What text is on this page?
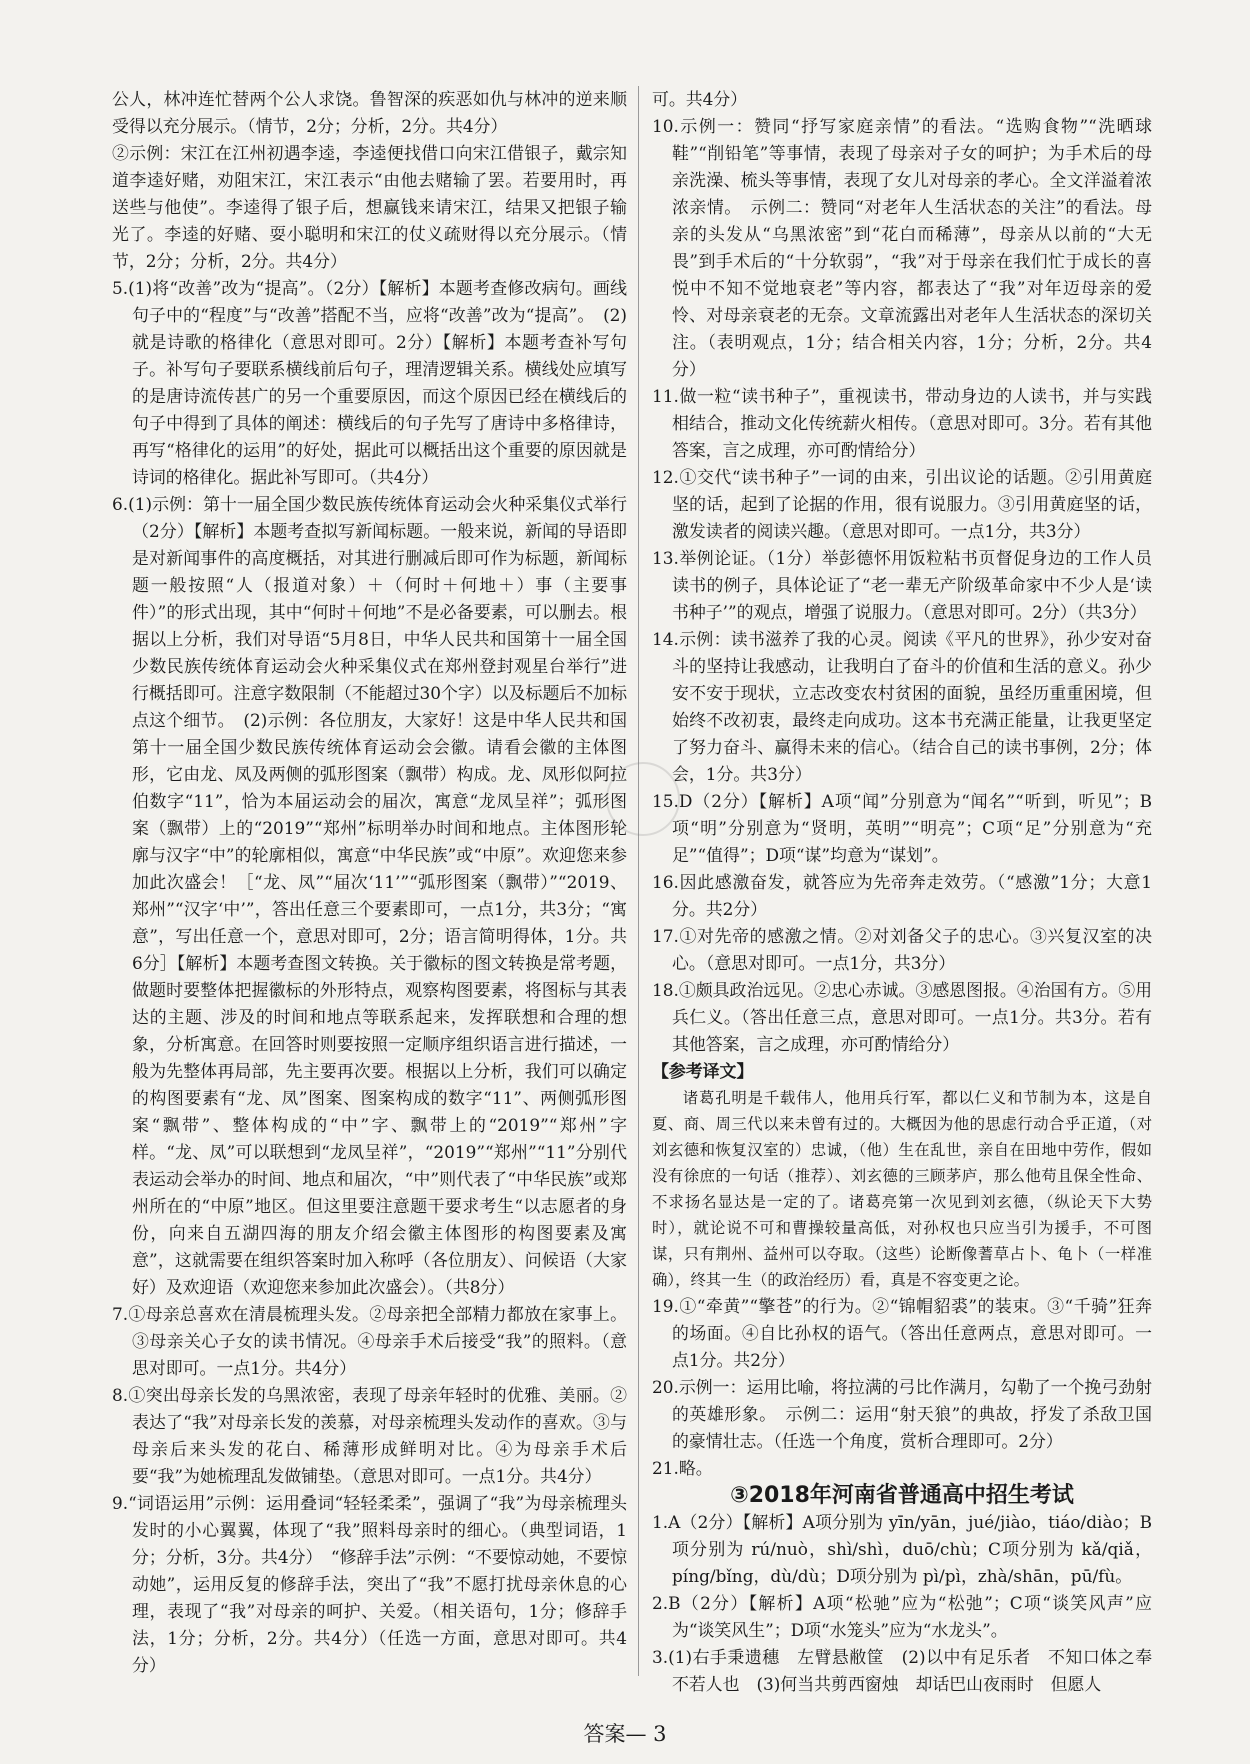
公人，林冲连忙替两个公人求饶。鲁智深的疾恶如仇与林冲的逆来顺受得以充分展示。（情节，2分；分析，2分。共4分）

②示例：宋江在江州初遇李逵，李逵便找借口向宋江借银子，戴宗知道李逵好赌，劝阻宋江，宋江表示“由他去赌输了罢。若要用时，再送些与他使”。李逵得了银子后，想赢钱来请宋江，结果又把银子输光了。李逵的好赌、耍小聪明和宋江的仗义疏财得以充分展示。（情节，2分；分析，2分。共4分）

5.(1)将“改善”改为“提高”。（2分）【解析】本题考查修改病句。画线句子中的“程度”与“改善”搭配不当，应将“改善”改为“提高”。　(2)就是诗歌的格律化（意思对即可。2分）【解析】本题考查补写句子。补写句子要联系横线前后句子，理清逻辑关系。横线处应填写的是唐诗流传甚广的另一个重要原因，而这个原因已经在横线后的句子中得到了具体的阐述：横线后的句子先写了唐诗中多格律诗，再写“格律化的运用”的好处，据此可以概括出这个重要的原因就是诗词的格律化。据此补写即可。（共4分）

6.(1)示例：第十一届全国少数民族传统体育运动会火种采集仪式举行（2分）【解析】本题考查拟写新闻标题。一般来说，新闻的导语即是对新闻事件的高度概括，对其进行删减后即可作为标题，新闻标题一般按照“人（报道对象）＋（何时＋何地＋）事（主要事件）”的形式出现，其中“何时＋何地”不是必备要素，可以删去。根据以上分析，我们对导语“5月8日，中华人民共和国第十一届全国少数民族传统体育运动会火种采集仪式在郑州登封观星台举行”进行概括即可。注意字数限制（不能超过30个字）以及标题后不加标点这个细节。　(2)示例：各位朋友，大家好！这是中华人民共和国第十一届全国少数民族传统体育运动会会徽。请看会徽的主体图形，它由龙、凤及两侧的弧形图案（飘带）构成。龙、凤形似阿拉伯数字“11”，恰为本届运动会的届次，寓意“龙凤呈祥”；弧形图案（飘带）上的“2019”“郑州”标明举办时间和地点。主体图形轮廓与汉字“中”的轮廓相似，寓意“中华民族”或“中原”。欢迎您来参加此次盛会！［“龙、凤”“届次‘11’”“弧形图案（飘带）”“2019、郑州”“汉字‘中’”，答出任意三个要素即可，一点1分，共3分；“寓意”，写出任意一个，意思对即可，2分；语言简明得体，1分。共6分］【解析】本题考查图文转换。关于徽标的图文转换是常考题，做题时要整体把握徽标的外形特点，观察构图要素，将图标与其表达的主题、涉及的时间和地点等联系起来，发挥联想和合理的想象，分析寓意。在回答时则要按照一定顺序组织语言进行描述，一般为先整体再局部，先主要再次要。根据以上分析，我们可以确定的构图要素有“龙、凤”图案、图案构成的数字“11”、两侧弧形图案“飘带”、整体构成的“中”字、飘带上的“2019”“郑州”字样。“龙、凤”可以联想到“龙凤呈祥”，“2019”“郑州”“11”分别代表运动会举办的时间、地点和届次，“中”则代表了“中华民族”或郑州所在的“中原”地区。但这里要注意题干要求考生“以志愿者的身份，向来自五湖四海的朋友介绍会徽主体图形的构图要素及寓意”，这就需要在组织答案时加入称呼（各位朋友）、问候语（大家好）及欢迎语（欢迎您来参加此次盛会）。（共8分）

7.①母亲总喜欢在清晨梳理头发。②母亲把全部精力都放在家事上。③母亲关心子女的读书情况。④母亲手术后接受“我”的照料。（意思对即可。一点1分。共4分）

8.①突出母亲长发的乌黑浓密，表现了母亲年轻时的优雅、美丽。②表达了“我”对母亲长发的羡慕，对母亲梳理头发动作的喜欢。③与母亲后来头发的花白、稀薄形成鲜明对比。④为母亲手术后要“我”为她梳理乱发做铺垫。（意思对即可。一点1分。共4分）

9.“词语运用”示例：运用叠词“轻轻柔柔”，强调了“我”为母亲梳理头发时的小心翼翼，体现了“我”照料母亲时的细心。（典型词语，1分；分析，3分。共4分）　“修辞手法”示例：“不要惊动她，不要惊动她”，运用反复的修辞手法，突出了“我”不愿打扰母亲休息的心理，表现了“我”对母亲的呵护、关爱。（相关语句，1分；修辞手法，1分；分析，2分。共4分）（任选一方面，意思对即可。共4分）

可。共4分）

10.示例一：赞同“抒写家庭亲情”的看法。“选购食物”“洗晒球鞋”“削铅笔”等事情，表现了母亲对子女的呵护；为手术后的母亲洗澡、梳头等事情，表现了女儿对母亲的孝心。全文洋溢着浓浓亲情。　示例二：赞同“对老年人生活状态的关注”的看法。母亲的头发从“乌黑浓密”到“花白而稀薄”，母亲从以前的“大无畏”到手术后的“十分软弱”，“我”对于母亲在我们忙于成长的喜悦中不知不觉地衰老”等内容，都表达了“我”对年迈母亲的爱怜、对母亲衰老的无奈。文章流露出对老年人生活状态的深切关注。（表明观点，1分；结合相关内容，1分；分析，2分。共4分）

11.做一粒“读书种子”，重视读书，带动身边的人读书，并与实践相结合，推动文化传统薪火相传。（意思对即可。3分。若有其他答案，言之成理，亦可酌情给分）

12.①交代“读书种子”一词的由来，引出议论的话题。②引用黄庭坚的话，起到了论据的作用，很有说服力。③引用黄庭坚的话，激发读者的阅读兴趣。（意思对即可。一点1分，共3分）

13.举例论证。（1分）举彭德怀用饭粒粘书页督促身边的工作人员读书的例子，具体论证了“老一辈无产阶级革命家中不少人是‘读书种子’”的观点，增强了说服力。（意思对即可。2分）（共3分）

14.示例：读书滋养了我的心灵。阅读《平凡的世界》，孙少安对奋斗的坚持让我感动，让我明白了奋斗的价值和生活的意义。孙少安不安于现状，立志改变农村贫困的面貌，虽经历重重困境，但始终不改初衷，最终走向成功。这本书充满正能量，让我更坚定了努力奋斗、赢得未来的信心。（结合自己的读书事例，2分；体会，1分。共3分）

15.D（2分）【解析】A项“闻”分别意为“闻名”“听到，听见”；B项“明”分别意为“贤明，英明”“明亮”；C项“足”分别意为“充足”“值得”；D项“谋”均意为“谋划”。

16.因此感激奋发，就答应为先帝奔走效劳。（“感激”1分；大意1分。共2分）

17.①对先帝的感激之情。②对刘备父子的忠心。③兴复汉室的决心。（意思对即可。一点1分，共3分）

18.①颇具政治远见。②忠心赤诚。③感恩图报。④治国有方。⑤用兵仁义。（答出任意三点，意思对即可。一点1分。共3分。若有其他答案，言之成理，亦可酌情给分）

【参考译文】

诸葛孔明是千载伟人，他用兵行军，都以仁义和节制为本，这是自夏、商、周三代以来未曾有过的。大概因为他的思虑行动合乎正道，（对刘玄德和恢复汉室的）忠诚，（他）生在乱世，亲自在田地中劳作，假如没有徐庶的一句话（推荐）、刘玄德的三顾茅庐，那么他苟且保全性命、不求扬名显达是一定的了。诸葛亮第一次见到刘玄德，（纵论天下大势时），就论说不可和曹操较量高低，对孙权也只应当引为援手，不可图谋，只有荆州、益州可以夺取。（这些）论断像蓍草占卜、龟卜（一样准确），终其一生（的政治经历）看，真是不容变更之论。

19.①“牵黄”“擎苍”的行为。②“锦帽貂裘”的装束。③“千骑”狂奔的场面。④自比孙权的语气。（答出任意两点，意思对即可。一点1分。共2分）

20.示例一：运用比喻，将拉满的弓比作满月，勾勒了一个挽弓劲射的英雄形象。　示例二：运用“射天狼”的典故，抒发了杀敌卫国的豪情壮志。（任选一个角度，赏析合理即可。2分）

21.略。

③2018年河南省普通高中招生考试

1.A（2分）【解析】A项分别为 yīn/yān，jué/jiào，tiáo/diào；B项分别为 rú/nuò，shì/shì，duō/chù；C项分别为 kǎ/qiǎ，píng/bǐng，dù/dù；D项分别为 pì/pì，zhà/shān，pū/fù。

2.B（2分）【解析】A项“松驰”应为“松弛”；C项“谈笑风声”应为“谈笑风生”；D项“水笼头”应为“水龙头”。

3.(1)右手秉遗穗　左臂悬敝筐　(2)以中有足乐者　不知口体之奉不若人也　(3)何当共剪西窗烛　却话巴山夜雨时　但愿人

答案— 3
